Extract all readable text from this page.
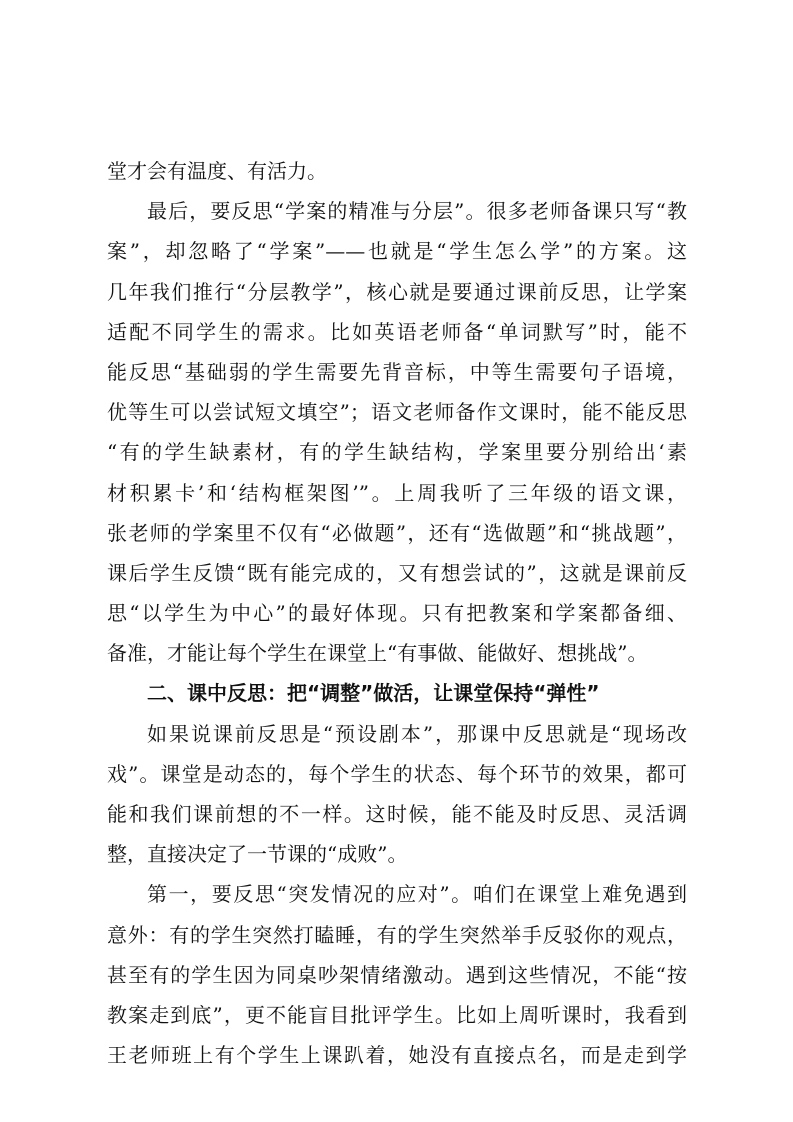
堂才会有温度、有活力。
最后，要反思“学案的精准与分层”。很多老师备课只写“教
案”，却忽略了“学案”——也就是“学生怎么学”的方案。这
几年我们推行“分层教学”，核心就是要通过课前反思，让学案
适配不同学生的需求。比如英语老师备“单词默写”时，能不
能反思“基础弱的学生需要先背音标，中等生需要句子语境，
优等生可以尝试短文填空”；语文老师备作文课时，能不能反思
“有的学生缺素材，有的学生缺结构，学案里要分别给出‘素
材积累卡’和‘结构框架图’”。上周我听了三年级的语文课，
张老师的学案里不仅有“必做题”，还有“选做题”和“挑战题”，
课后学生反馈“既有能完成的，又有想尝试的”，这就是课前反
思“以学生为中心”的最好体现。只有把教案和学案都备细、
备准，才能让每个学生在课堂上“有事做、能做好、想挑战”。
二、课中反思：把“调整”做活，让课堂保持“弹性”
如果说课前反思是“预设剧本”，那课中反思就是“现场改
戏”。课堂是动态的，每个学生的状态、每个环节的效果，都可
能和我们课前想的不一样。这时候，能不能及时反思、灵活调
整，直接决定了一节课的“成败”。
第一，要反思“突发情况的应对”。咱们在课堂上难免遇到
意外：有的学生突然打瞌睡，有的学生突然举手反驳你的观点，
甚至有的学生因为同桌吵架情绪激动。遇到这些情况，不能“按
教案走到底”，更不能盲目批评学生。比如上周听课时，我看到
王老师班上有个学生上课趴着，她没有直接点名，而是走到学
